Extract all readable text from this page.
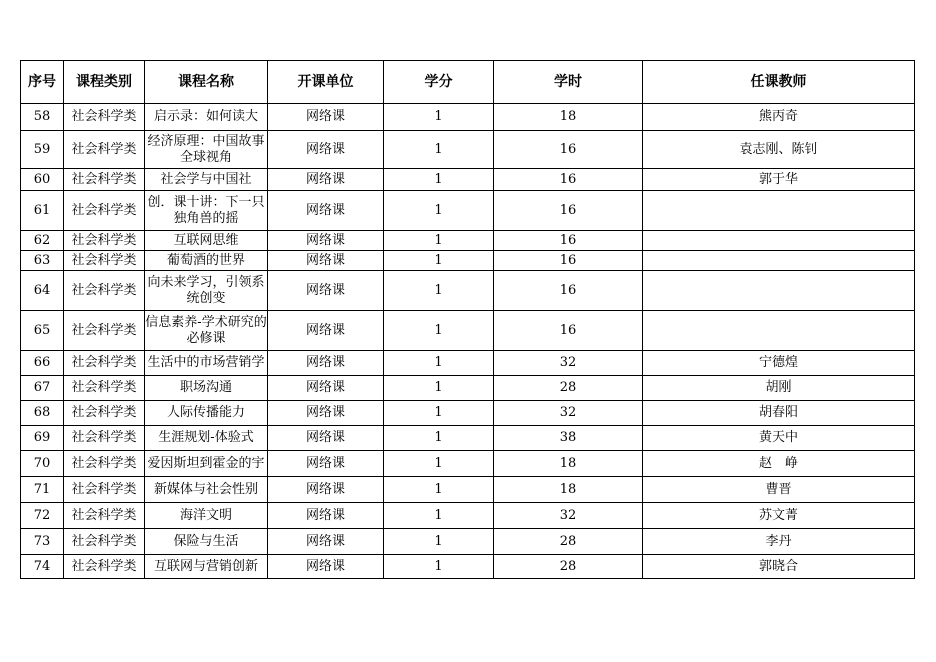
序号	课程类别	课程名称	开课单位	学分	学时	任课教师
58	社会科学类	启示录：如何读大	网络课	1	18	熊丙奇
59	社会科学类	经济原理：中国故事全球视角	网络课	1	16	袁志刚、陈钊
60	社会科学类	社会学与中国社	网络课	1	16	郭于华
61	社会科学类	创．课十讲：下一只独角兽的摇	网络课	1	16	
62	社会科学类	互联网思维	网络课	1	16	
63	社会科学类	葡萄酒的世界	网络课	1	16	
64	社会科学类	向未来学习，引领系统创变	网络课	1	16	
65	社会科学类	信息素养-学术研究的必修课	网络课	1	16	
66	社会科学类	生活中的市场营销学	网络课	1	32	宁德煌
67	社会科学类	职场沟通	网络课	1	28	胡刚
68	社会科学类	人际传播能力	网络课	1	32	胡春阳
69	社会科学类	生涯规划-体验式	网络课	1	38	黄天中
70	社会科学类	爱因斯坦到霍金的宇	网络课	1	18	赵　峥
71	社会科学类	新媒体与社会性别	网络课	1	18	曹晋
72	社会科学类	海洋文明	网络课	1	32	苏文菁
73	社会科学类	保险与生活	网络课	1	28	李丹
74	社会科学类	互联网与营销创新	网络课	1	28	郭晓合
